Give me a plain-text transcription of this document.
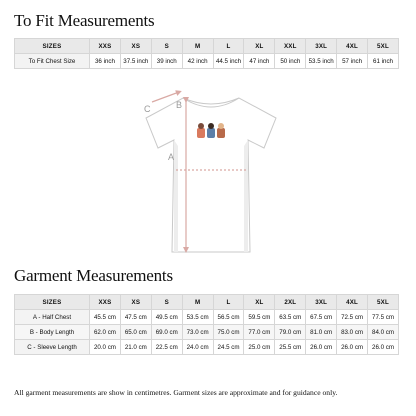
To Fit Measurements
SIZES	XXS	XS	S	M	L	XL	XXL	3XL	4XL	5XL
To Fit Chest Size	36 inch	37.5 inch	39 inch	42 inch	44.5 inch	47 inch	50 inch	53.5 inch	57 inch	61 inch
A
B
C
Garment Measurements
SIZES	XXS	XS	S	M	L	XL	2XL	3XL	4XL	5XL
A - Half Chest	45.5 cm	47.5 cm	49.5 cm	53.5 cm	56.5 cm	59.5 cm	63.5 cm	67.5 cm	72.5 cm	77.5 cm
B - Body Length	62.0 cm	65.0 cm	69.0 cm	73.0 cm	75.0 cm	77.0 cm	79.0 cm	81.0 cm	83.0 cm	84.0 cm
C - Sleeve Length	20.0 cm	21.0 cm	22.5 cm	24.0 cm	24.5 cm	25.0 cm	25.5 cm	26.0 cm	26.0 cm	26.0 cm

All garment measurements are show in centimetres. Garment sizes are approximate and for guidance only.
